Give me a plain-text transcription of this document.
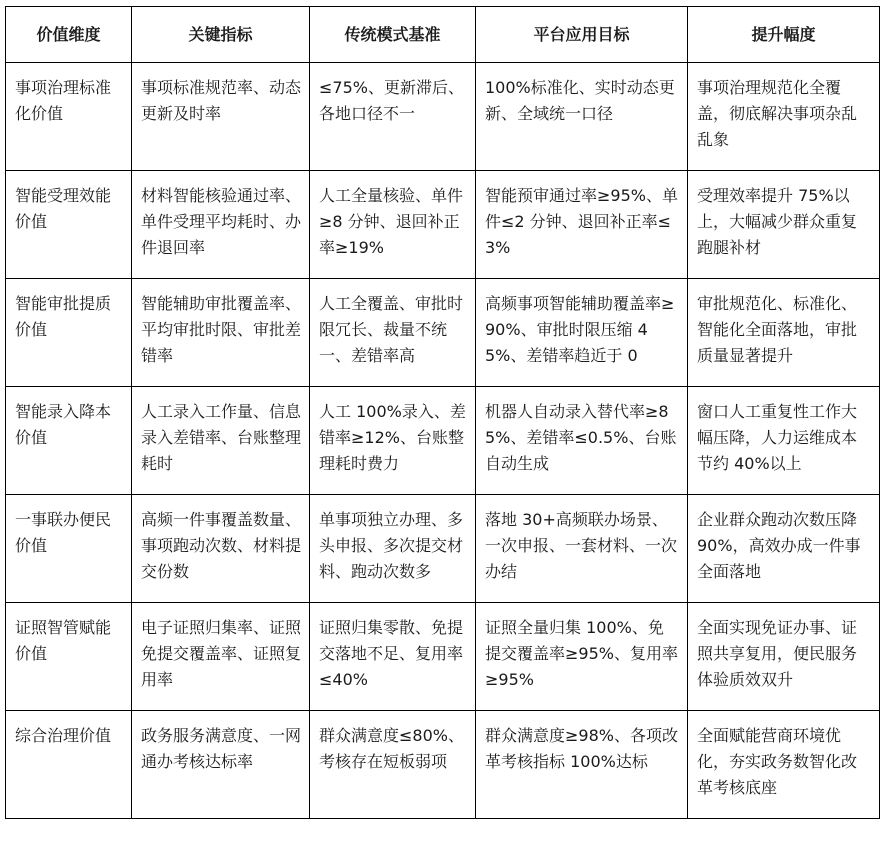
价值维度	关键指标	传统模式基准	平台应用目标	提升幅度
事项治理标准化价值	事项标准规范率、动态更新及时率	≤75%、更新滞后、各地口径不一	100%标准化、实时动态更新、全域统一口径	事项治理规范化全覆盖，彻底解决事项杂乱乱象
智能受理效能价值	材料智能核验通过率、单件受理平均耗时、办件退回率	人工全量核验、单件≥8 分钟、退回补正率≥19%	智能预审通过率≥95%、单件≤2 分钟、退回补正率≤3%	受理效率提升 75%以上，大幅减少群众重复跑腿补材
智能审批提质价值	智能辅助审批覆盖率、平均审批时限、审批差错率	人工全覆盖、审批时限冗长、裁量不统一、差错率高	高频事项智能辅助覆盖率≥90%、审批时限压缩 45%、差错率趋近于 0	审批规范化、标准化、智能化全面落地，审批质量显著提升
智能录入降本价值	人工录入工作量、信息录入差错率、台账整理耗时	人工 100%录入、差错率≥12%、台账整理耗时费力	机器人自动录入替代率≥85%、差错率≤0.5%、台账自动生成	窗口人工重复性工作大幅压降，人力运维成本节约 40%以上
一事联办便民价值	高频一件事覆盖数量、事项跑动次数、材料提交份数	单事项独立办理、多头申报、多次提交材料、跑动次数多	落地 30+高频联办场景、一次申报、一套材料、一次办结	企业群众跑动次数压降 90%，高效办成一件事全面落地
证照智管赋能价值	电子证照归集率、证照免提交覆盖率、证照复用率	证照归集零散、免提交落地不足、复用率≤40%	证照全量归集 100%、免提交覆盖率≥95%、复用率≥95%	全面实现免证办事、证照共享复用，便民服务体验质效双升
综合治理价值	政务服务满意度、一网通办考核达标率	群众满意度≤80%、考核存在短板弱项	群众满意度≥98%、各项改革考核指标 100%达标	全面赋能营商环境优化，夯实政务数智化改革考核底座
